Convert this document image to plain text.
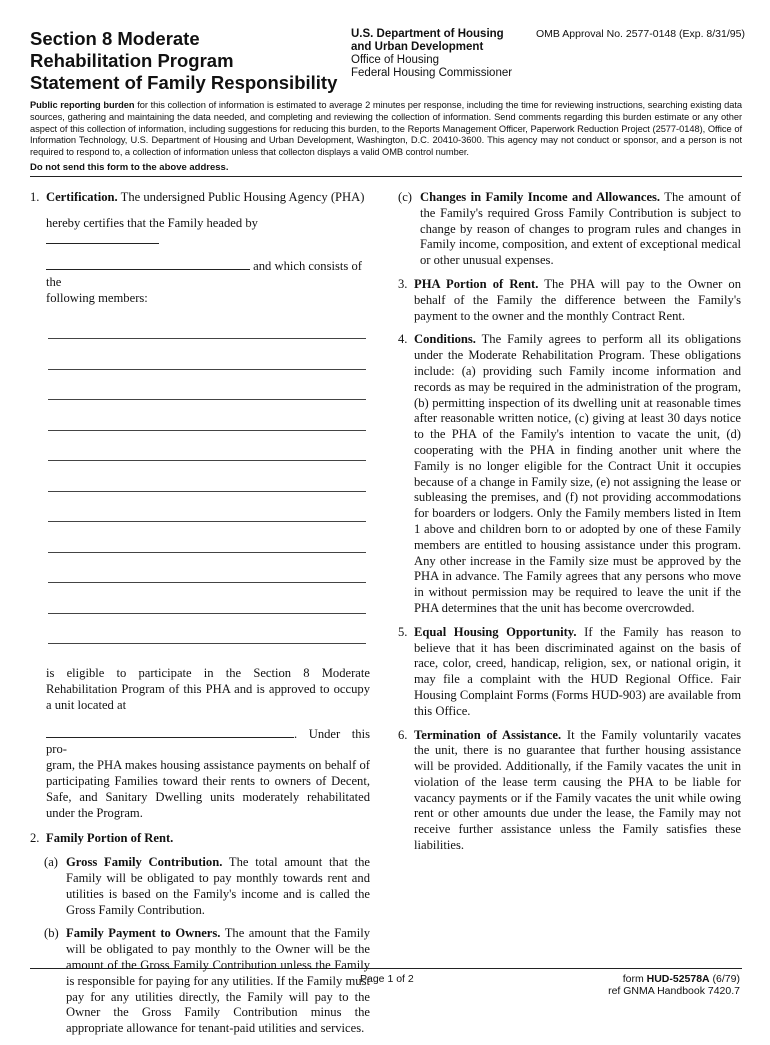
Section 8 Moderate
Rehabilitation Program
Statement of Family Responsibility
U.S. Department of Housing
and Urban Development
Office of Housing
Federal Housing Commissioner
OMB Approval No. 2577-0148 (Exp. 8/31/95)
Public reporting burden for this collection of information is estimated to average 2 minutes per response, including the time for reviewing instructions, searching existing data sources, gathering and maintaining the data needed, and completing and reviewing the collection of information. Send comments regarding this burden estimate or any other aspect of this collection of information, including suggestions for reducing this burden, to the Reports Management Officer, Paperwork Reduction Project (2577-0148), Office of Information Technology, U.S. Department of Housing and Urban Development, Washington, D.C. 20410-3600. This agency may not conduct or sponsor, and a person is not required to respond to, a collection of information unless that collecton displays a valid OMB control number.
Do not send this form to the above address.
1. Certification. The undersigned Public Housing Agency (PHA)
hereby certifies that the Family headed by
and which consists of the
following members:
is eligible to participate in the Section 8 Moderate Rehabilitation Program of this PHA and is approved to occupy a unit located at
. Under this pro-
gram, the PHA makes housing assistance payments on behalf of participating Families toward their rents to owners of Decent, Safe, and Sanitary Dwelling units moderately rehabilitated under the Program.
2. Family Portion of Rent.
(a) Gross Family Contribution. The total amount that the Family will be obligated to pay monthly towards rent and utilities is based on the Family's income and is called the Gross Family Contribution.
(b) Family Payment to Owners. The amount that the Family will be obligated to pay monthly to the Owner will be the amount of the Gross Family Contribution unless the Family is responsible for paying for any utilities. If the Family must pay for any utilities directly, the Family will pay to the Owner the Gross Family Contribution minus the appropriate allowance for tenant-paid utilities and services.
(c) Changes in Family Income and Allowances. The amount of the Family's required Gross Family Contribution is subject to change by reason of changes to program rules and changes in Family income, composition, and extent of exceptional medical or other unusual expenses.
3. PHA Portion of Rent. The PHA will pay to the Owner on behalf of the Family the difference between the Family's payment to the owner and the monthly Contract Rent.
4. Conditions. The Family agrees to perform all its obligations under the Moderate Rehabilitation Program. These obligations include: (a) providing such Family income information and records as may be required in the administration of the program, (b) permitting inspection of its dwelling unit at reasonable times after reasonable written notice, (c) giving at least 30 days notice to the PHA of the Family's intention to vacate the unit, (d) cooperating with the PHA in finding another unit where the Family is no longer eligible for the Contract Unit it occupies because of a change in Family size, (e) not assigning the lease or subleasing the premises, and (f) not providing accommodations for boarders or lodgers. Only the Family members listed in Item 1 above and children born to or adopted by one of these Family members are entitled to housing assistance under this program. Any other increase in the Family size must be approved by the PHA in advance. The Family agrees that any persons who move in without permission may be required to leave the unit if the PHA determines that the unit has become overcrowded.
5. Equal Housing Opportunity. If the Family has reason to believe that it has been discriminated against on the basis of race, color, creed, handicap, religion, sex, or national origin, it may file a complaint with the HUD Regional Office. Fair Housing Complaint Forms (Forms HUD-903) are available from this Office.
6. Termination of Assistance. It the Family voluntarily vacates the unit, there is no guarantee that further housing assistance will be provided. Additionally, if the Family vacates the unit in violation of the lease term causing the PHA to be liable for vacancy payments or if the Family vacates the unit while owing rent or other amounts due under the lease, the Family may not receive further assistance unless the Family satisfies these liabilities.
Page 1 of 2	form HUD-52578A (6/79)
ref GNMA Handbook 7420.7
